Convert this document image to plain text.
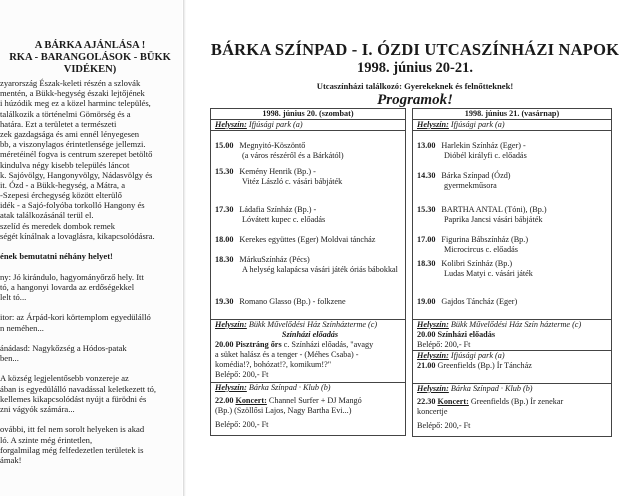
A BÁRKA AJÁNLÁSA !
RKA - BARANGOLÁSOK - BÜKK
VIDÉKEN)
zyarország Észak-keleti részén a szlovák
mentén, a Bükk-hegység északi lejtőjének
i húzódik meg ez a közel harminc település,
találkozik a történelmi Gömörség és a
határa. Ezt a területet a természeti
zek gazdagsága és ami ennél lényegesen
bb, a viszonylagos érintetlensége jellemzi.
méretéinél fogva is centrum szerepet betöltő
kindulva négy kisebb település láncot
k. Sajóvölgy, Hangonyvölgy, Nádasvölgy és
it. Ózd - a Bükk-hegység, a Mátra, a
-Szepesi érchegység között elterülő
idék - a Sajó-folyóba torkolló Hangony és
atak találkozásánál terül el.
szelíd és meredek dombok remek
ségét kínálnak a lovaglásra, kikapcsolódásra.
ének bemutatni néhány helyet!
ny: Jó kirándulo, hagyományőrző hely. Itt
tó, a hangonyi lovarda az erdőségekkel
lelt tó...
itor: az Árpád-kori körtemplom egyedülálló
n neméhen...
ánádasd: Nagykőzség a Hódos-patak
ben...
A község legjelentősebb vonzereje az
ában is egyedülálló navadással keletkezett tó,
kellemes kikapcsolódást nyújt a fürödni és
zni vágyók számára...
ovábbi, itt fel nem sorolt helyeken is akad
ló. A szinte még érintetlen,
forgalmilag még felfedezetlen területek is
ámak!
BÁRKA SZÍNPAD - I. ÓZDI UTCASZÍNHÁZI NAPOK
1998. június 20-21.
Utcaszínházi találkozó: Gyerekeknek és felnőtteknek!
Programok!
1998. június 20. (szombat)
Helyszín: Ifjúsági park (a)
15.00 Megnyitó-Köszöntő
(a város részéről és a Bárkától)
15.30 Kemény Henrik (Bp.) -
Vitéz László c. vásári bábjáték
17.30 Ládafia Színház (Bp.) -
Lóvátett kupec c. előadás
18.00 Kerekes együttes (Eger) Moldvai táncház
18.30 MárkuSzínház (Pécs)
A helység kalapácsa vásári játék óriás bábokkal
19.30 Romano Glasso (Bp.) - folkzene
Helyszín: Bükk Művelődési Ház Színházterme (c)
Színházi előadás
20.00 Pisztráng őrs c. Színházi előadás, "avagy
a süket halász és a tenger - (Méhes Csaba) -
komédia!?, bohózat!?, komikum!?"
Belépő: 200,- Ft
Helyszín: Bárka Színpad · Klub (b)
22.00 Koncert: Channel Surfer + DJ Mangó
(Bp.) (Szöllősi Lajos, Nagy Bartha Evi...)
Belépő: 200,- Ft
1998. június 21. (vasárnap)
Helyszín: Ifjúsági park (a)
13.00 Harlekin Színház (Eger) -
Dióbél királyfi c. előadás
14.30 Bárka Színpad (Ózd)
gyermekműsora
15.30 BARTHA ANTAL (Tóni), (Bp.)
Paprika Jancsi vásári bábjáték
17.00 Figurina Bábszínház (Bp.)
Microcircus c. előadás
18.30 Kolibri Színház (Bp.)
Ludas Matyi c. vásári játék
19.00 Gajdos Táncház (Eger)
Helyszín: Bükk Művelődési Ház Szín házterme (c)
20.00 Színházi előadás
Belépő: 200,- Ft
Helyszín: Ifjúsági park (a)
21.00 Greenfields (Bp.) Ír Táncház
Helyszín: Bárka Színpad · Klub (b)
22.30 Koncert: Greenfields (Bp.) Ír zenekar
koncertje
Belépő: 200,- Ft
